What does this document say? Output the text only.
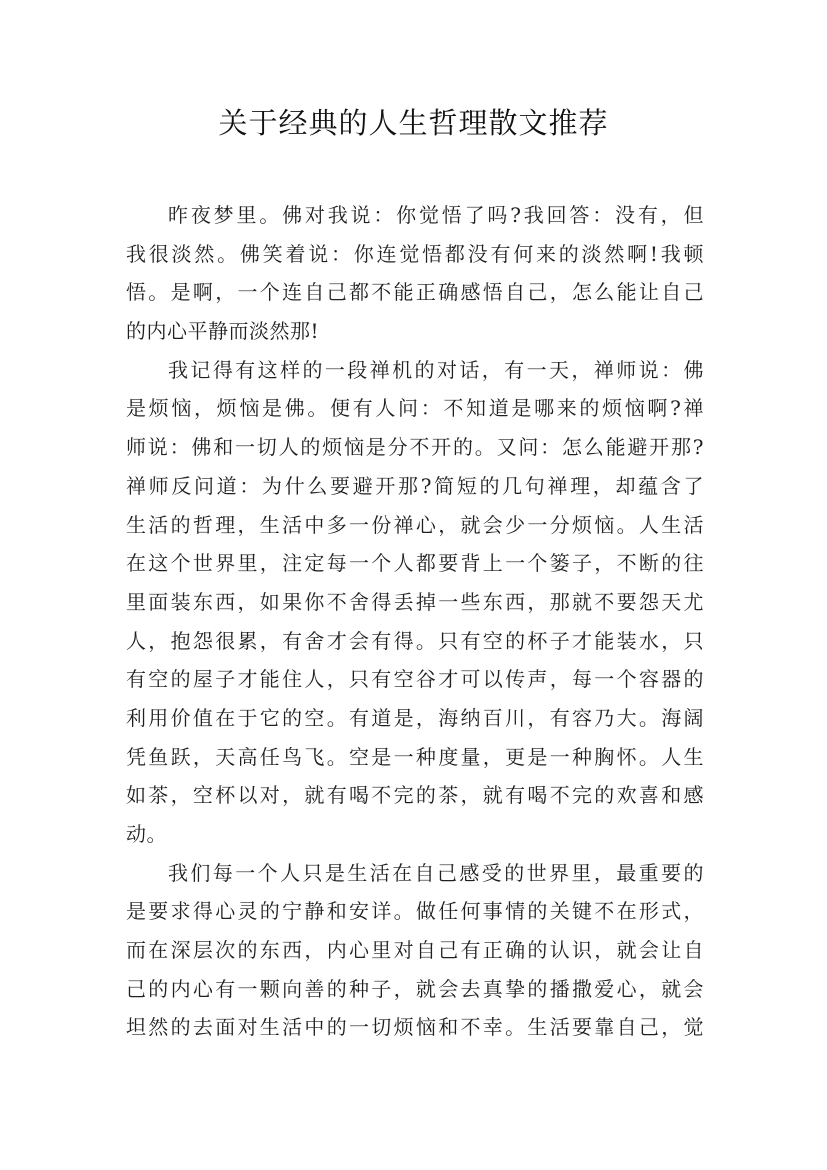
关于经典的人生哲理散文推荐
昨夜梦里。佛对我说：你觉悟了吗?我回答：没有，但
我很淡然。佛笑着说：你连觉悟都没有何来的淡然啊!我顿
悟。是啊，一个连自己都不能正确感悟自己，怎么能让自己
的内心平静而淡然那!
我记得有这样的一段禅机的对话，有一天，禅师说：佛
是烦恼，烦恼是佛。便有人问：不知道是哪来的烦恼啊?禅
师说：佛和一切人的烦恼是分不开的。又问：怎么能避开那?
禅师反问道：为什么要避开那?简短的几句禅理，却蕴含了
生活的哲理，生活中多一份禅心，就会少一分烦恼。人生活
在这个世界里，注定每一个人都要背上一个篓子，不断的往
里面装东西，如果你不舍得丢掉一些东西，那就不要怨天尤
人，抱怨很累，有舍才会有得。只有空的杯子才能装水，只
有空的屋子才能住人，只有空谷才可以传声，每一个容器的
利用价值在于它的空。有道是，海纳百川，有容乃大。海阔
凭鱼跃，天高任鸟飞。空是一种度量，更是一种胸怀。人生
如茶，空杯以对，就有喝不完的茶，就有喝不完的欢喜和感
动。
我们每一个人只是生活在自己感受的世界里，最重要的
是要求得心灵的宁静和安详。做任何事情的关键不在形式，
而在深层次的东西，内心里对自己有正确的认识，就会让自
己的内心有一颗向善的种子，就会去真挚的播撒爱心，就会
坦然的去面对生活中的一切烦恼和不幸。生活要靠自己，觉
